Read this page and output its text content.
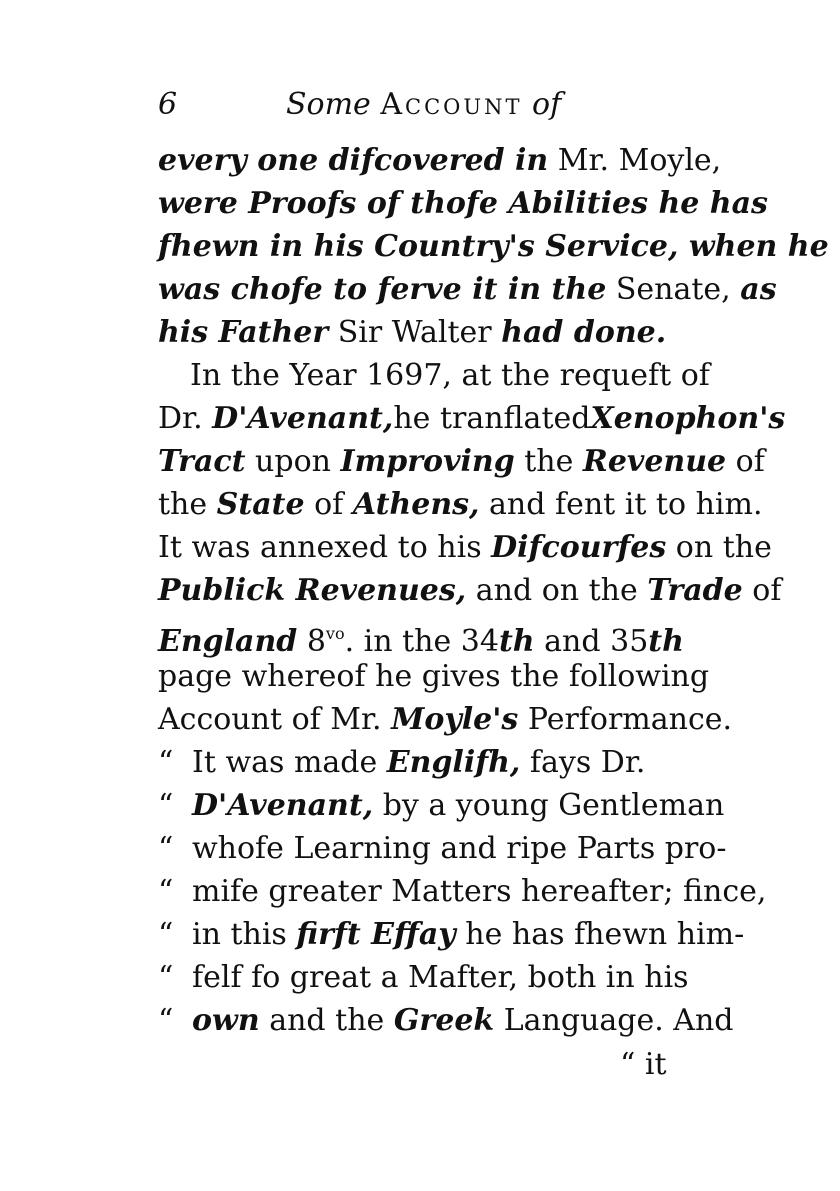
6	Some Account of
every one difcovered in Mr. Moyle,
were Proofs of thofe Abilities he has
fhewn in his Country's Service, when he
was chofe to ferve it in the Senate, as
his Father Sir Walter had done.
In the Year 1697, at the requeft of
Dr. D'Avenant,he tranflatedXenophon's
Tract upon Improving the Revenue of
the State of Athens, and fent it to him.
It was annexed to his Difcourfes on the
Publick Revenues, and on the Trade of
England $8^{vo}$. in the 34th and 35th
page whereof he gives the following
Account of Mr. Moyle's Performance.
“ It was made Englifh, fays Dr.
“ D'Avenant, by a young Gentleman
“ whofe Learning and ripe Parts pro-
“ mife greater Matters hereafter; fince,
“ in this firft Effay he has fhewn him-
“ felf fo great a Mafter, both in his
“ own and the Greek Language. And
“ it
